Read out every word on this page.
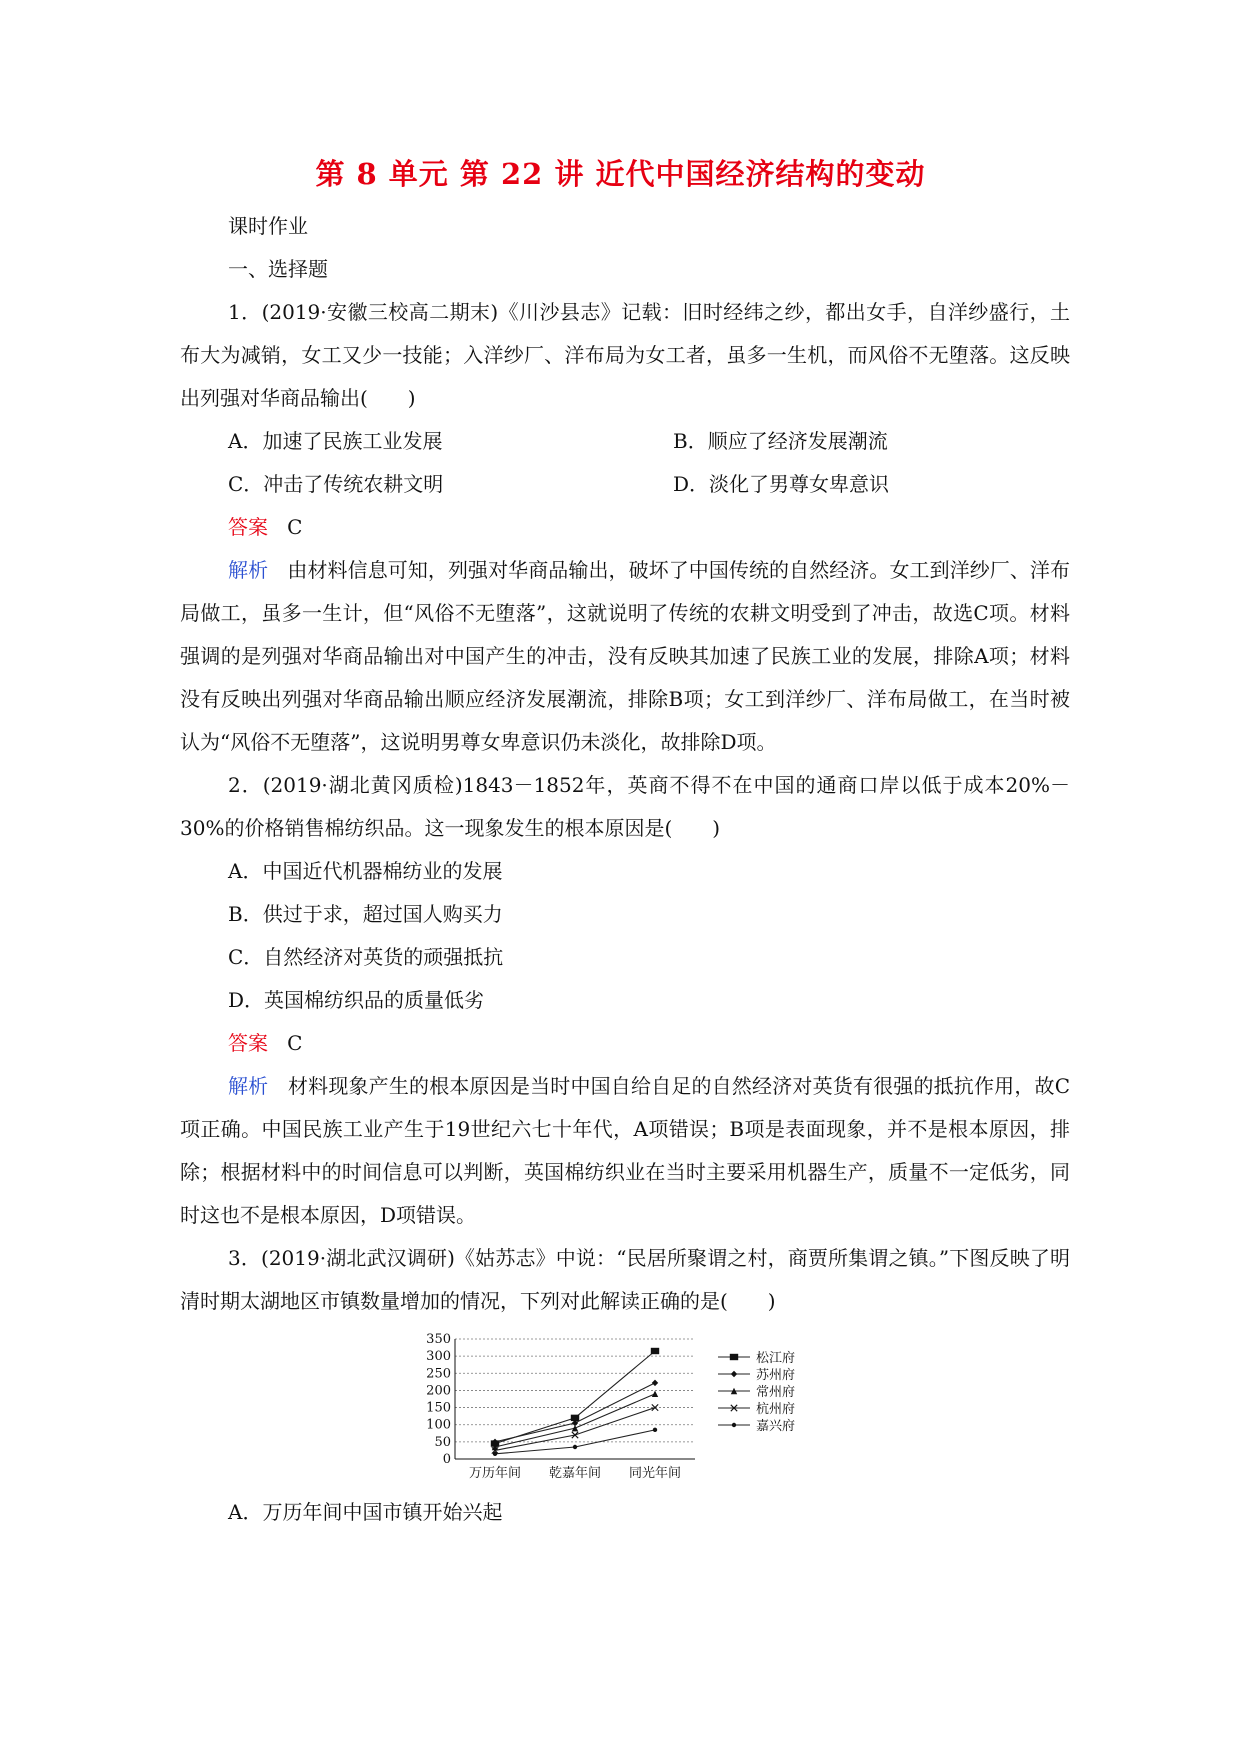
第 8 单元 第 22 讲 近代中国经济结构的变动
课时作业
一、选择题
1．(2019·安徽三校高二期末)《川沙县志》记载：旧时经纬之纱，都出女手，自洋纱盛行，土布大为减销，女工又少一技能；入洋纱厂、洋布局为女工者，虽多一生机，而风俗不无堕落。这反映出列强对华商品输出(　　)
A．加速了民族工业发展	B．顺应了经济发展潮流
C．冲击了传统农耕文明	D．淡化了男尊女卑意识
答案 C
解析 由材料信息可知，列强对华商品输出，破坏了中国传统的自然经济。女工到洋纱厂、洋布局做工，虽多一生计，但“风俗不无堕落”，这就说明了传统的农耕文明受到了冲击，故选C项。材料强调的是列强对华商品输出对中国产生的冲击，没有反映其加速了民族工业的发展，排除A项；材料没有反映出列强对华商品输出顺应经济发展潮流，排除B项；女工到洋纱厂、洋布局做工，在当时被认为“风俗不无堕落”，这说明男尊女卑意识仍未淡化，故排除D项。
2．(2019·湖北黄冈质检)1843－1852年，英商不得不在中国的通商口岸以低于成本20%－30%的价格销售棉纺织品。这一现象发生的根本原因是(　　)
A．中国近代机器棉纺业的发展
B．供过于求，超过国人购买力
C．自然经济对英货的顽强抵抗
D．英国棉纺织品的质量低劣
答案 C
解析 材料现象产生的根本原因是当时中国自给自足的自然经济对英货有很强的抵抗作用，故C项正确。中国民族工业产生于19世纪六七十年代，A项错误；B项是表面现象，并不是根本原因，排除；根据材料中的时间信息可以判断，英国棉纺织业在当时主要采用机器生产，质量不一定低劣，同时这也不是根本原因，D项错误。
3．(2019·湖北武汉调研)《姑苏志》中说：“民居所聚谓之村，商贾所集谓之镇。”下图反映了明清时期太湖地区市镇数量增加的情况，下列对此解读正确的是(　　)
0
50
100
150
200
250
300
350
万历年间 乾嘉年间 同光年间
松江府
苏州府
常州府
杭州府
嘉兴府
A．万历年间中国市镇开始兴起
